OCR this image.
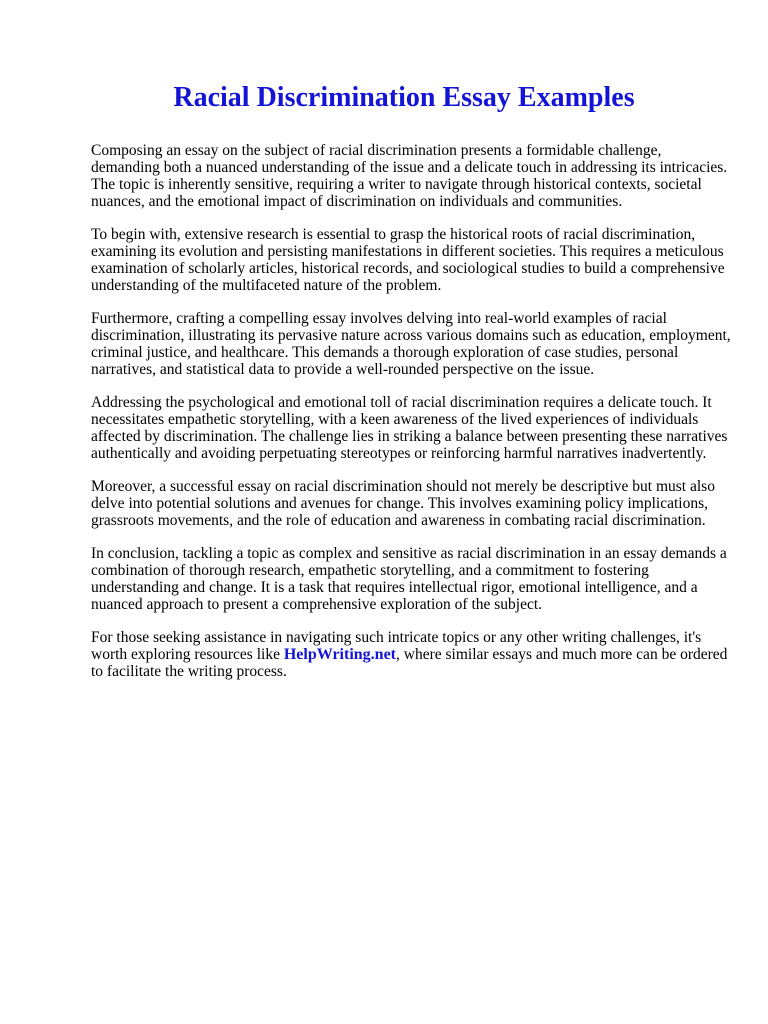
Racial Discrimination Essay Examples

Composing an essay on the subject of racial discrimination presents a formidable challenge, demanding both a nuanced understanding of the issue and a delicate touch in addressing its intricacies. The topic is inherently sensitive, requiring a writer to navigate through historical contexts, societal nuances, and the emotional impact of discrimination on individuals and communities.

To begin with, extensive research is essential to grasp the historical roots of racial discrimination, examining its evolution and persisting manifestations in different societies. This requires a meticulous examination of scholarly articles, historical records, and sociological studies to build a comprehensive understanding of the multifaceted nature of the problem.

Furthermore, crafting a compelling essay involves delving into real-world examples of racial discrimination, illustrating its pervasive nature across various domains such as education, employment, criminal justice, and healthcare. This demands a thorough exploration of case studies, personal narratives, and statistical data to provide a well-rounded perspective on the issue.

Addressing the psychological and emotional toll of racial discrimination requires a delicate touch. It necessitates empathetic storytelling, with a keen awareness of the lived experiences of individuals affected by discrimination. The challenge lies in striking a balance between presenting these narratives authentically and avoiding perpetuating stereotypes or reinforcing harmful narratives inadvertently.

Moreover, a successful essay on racial discrimination should not merely be descriptive but must also delve into potential solutions and avenues for change. This involves examining policy implications, grassroots movements, and the role of education and awareness in combating racial discrimination.

In conclusion, tackling a topic as complex and sensitive as racial discrimination in an essay demands a combination of thorough research, empathetic storytelling, and a commitment to fostering understanding and change. It is a task that requires intellectual rigor, emotional intelligence, and a nuanced approach to present a comprehensive exploration of the subject.

For those seeking assistance in navigating such intricate topics or any other writing challenges, it's worth exploring resources like HelpWriting.net, where similar essays and much more can be ordered to facilitate the writing process.
